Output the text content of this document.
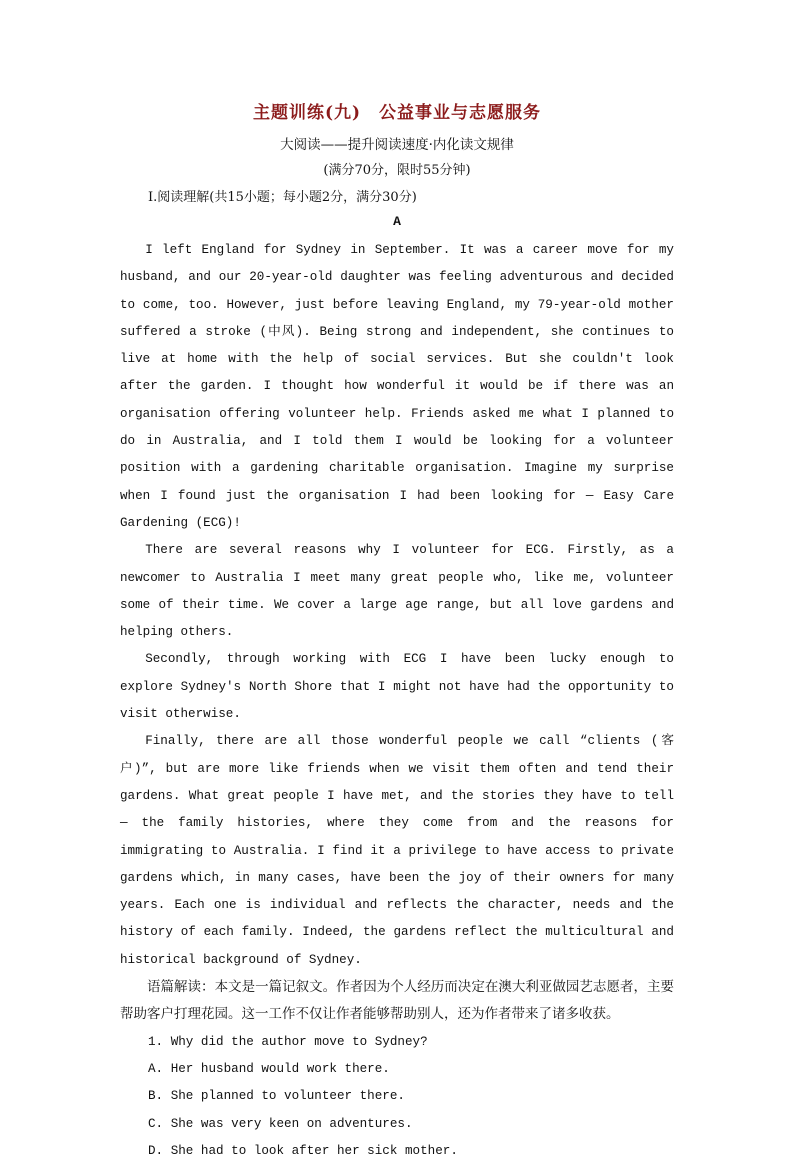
主题训练(九)　公益事业与志愿服务
大阅读——提升阅读速度·内化读文规律
(满分70分，限时55分钟)
Ⅰ.阅读理解(共15小题；每小题2分，满分30分)
A

I left England for Sydney in September. It was a career move for my husband, and our 20-year-old daughter was feeling adventurous and decided to come, too. However, just before leaving England, my 79-year-old mother suffered a stroke (中风). Being strong and independent, she continues to live at home with the help of social services. But she couldn't look after the garden. I thought how wonderful it would be if there was an organisation offering volunteer help. Friends asked me what I planned to do in Australia, and I told them I would be looking for a volunteer position with a gardening charitable organisation. Imagine my surprise when I found just the organisation I had been looking for — Easy Care Gardening (ECG)!

There are several reasons why I volunteer for ECG. Firstly, as a newcomer to Australia I meet many great people who, like me, volunteer some of their time. We cover a large age range, but all love gardens and helping others.

Secondly, through working with ECG I have been lucky enough to explore Sydney's North Shore that I might not have had the opportunity to visit otherwise.

Finally, there are all those wonderful people we call “clients (客户)”, but are more like friends when we visit them often and tend their gardens. What great people I have met, and the stories they have to tell — the family histories, where they come from and the reasons for immigrating to Australia. I find it a privilege to have access to private gardens which, in many cases, have been the joy of their owners for many years. Each one is individual and reflects the character, needs and the history of each family. Indeed, the gardens reflect the multicultural and historical background of Sydney.

语篇解读：本文是一篇记叙文。作者因为个人经历而决定在澳大利亚做园艺志愿者，主要帮助客户打理花园。这一工作不仅让作者能够帮助别人，还为作者带来了诸多收获。

1. Why did the author move to Sydney?
A. Her husband would work there.
B. She planned to volunteer there.
C. She was very keen on adventures.
D. She had to look after her sick mother.
